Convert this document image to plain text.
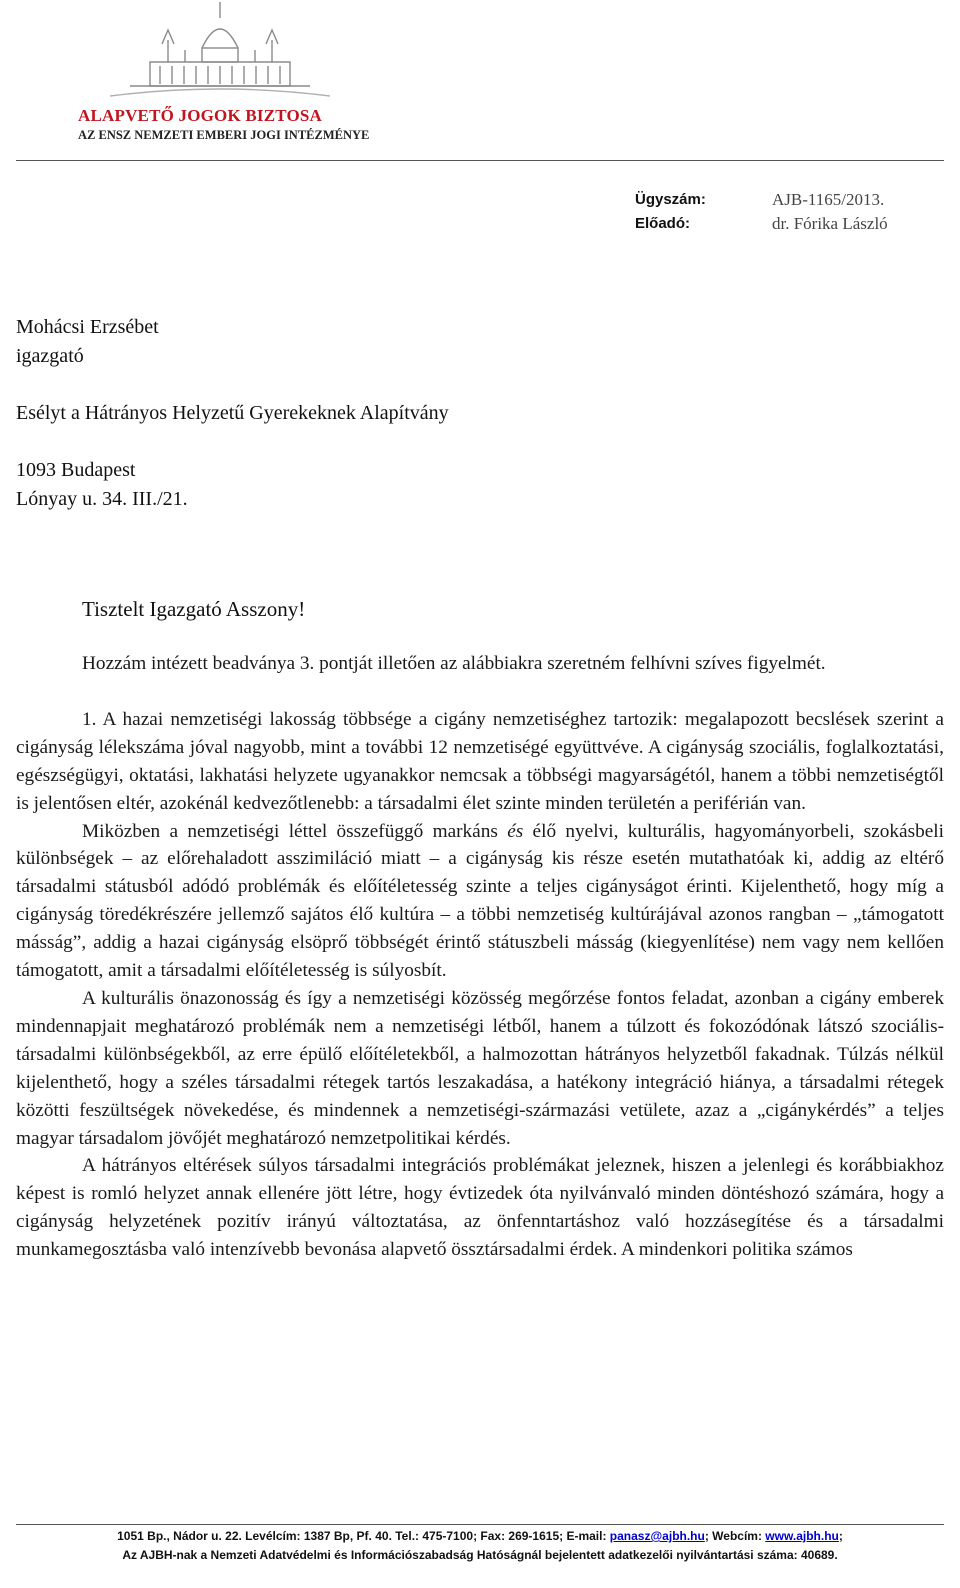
ALAPVETŐ JOGOK BIZTOSA
AZ ENSZ NEMZETI EMBERI JOGI INTÉZMÉNYE
Ügyszám:	AJB-1165/2013.
Előadó:	dr. Fórika László
Mohácsi Erzsébet
igazgató
Esélyt a Hátrányos Helyzetű Gyerekeknek Alapítvány
1093 Budapest
Lónyay u. 34. III./21.
Tisztelt Igazgató Asszony!

Hozzám intézett beadványa 3. pontját illetően az alábbiakra szeretném felhívni szíves figyelmét.

1. A hazai nemzetiségi lakosság többsége a cigány nemzetiséghez tartozik: megalapozott becslések szerint a cigányság lélekszáma jóval nagyobb, mint a további 12 nemzetiségé együttvéve. A cigányság szociális, foglalkoztatási, egészségügyi, oktatási, lakhatási helyzete ugyanakkor nemcsak a többségi magyarságétól, hanem a többi nemzetiségtől is jelentősen eltér, azokénál kedvezőtlenebb: a társadalmi élet szinte minden területén a periférián van.

Miközben a nemzetiségi léttel összefüggő markáns és élő nyelvi, kulturális, hagyományorbeli, szokásbeli különbségek – az előrehaladott asszimiláció miatt – a cigányság kis része esetén mutathatóak ki, addig az eltérő társadalmi státusból adódó problémák és előítéletesség szinte a teljes cigányságot érinti. Kijelenthető, hogy míg a cigányság töredékrészére jellemző sajátos élő kultúra – a többi nemzetiség kultúrájával azonos rangban – „támogatott másság”, addig a hazai cigányság elsöprő többségét érintő státuszbeli másság (kiegyenlítése) nem vagy nem kellően támogatott, amit a társadalmi előítéletesség is súlyosbít.

A kulturális önazonosság és így a nemzetiségi közösség megőrzése fontos feladat, azonban a cigány emberek mindennapjait meghatározó problémák nem a nemzetiségi létből, hanem a túlzott és fokozódónak látszó szociális-társadalmi különbségekből, az erre épülő előítéletekből, a halmozottan hátrányos helyzetből fakadnak. Túlzás nélkül kijelenthető, hogy a széles társadalmi rétegek tartós leszakadása, a hatékony integráció hiánya, a társadalmi rétegek közötti feszültségek növekedése, és mindennek a nemzetiségi-származási vetülete, azaz a „cigánykérdés” a teljes magyar társadalom jövőjét meghatározó nemzetpolitikai kérdés.

A hátrányos eltérések súlyos társadalmi integrációs problémákat jeleznek, hiszen a jelenlegi és korábbiakhoz képest is romló helyzet annak ellenére jött létre, hogy évtizedek óta nyilvánvaló minden döntéshozó számára, hogy a cigányság helyzetének pozitív irányú változtatása, az önfenntartáshoz való hozzásegítése és a társadalmi munkamegosztásba való intenzívebb bevonása alapvető össztársadalmi érdek. A mindenkori politika számos

1051 Bp., Nádor u. 22. Levélcím: 1387 Bp, Pf. 40. Tel.: 475-7100; Fax: 269-1615; E-mail: panasz@ajbh.hu; Webcím: www.ajbh.hu;
Az AJBH-nak a Nemzeti Adatvédelmi és Információszabadság Hatóságnál bejelentett adatkezelői nyilvántartási száma: 40689.
